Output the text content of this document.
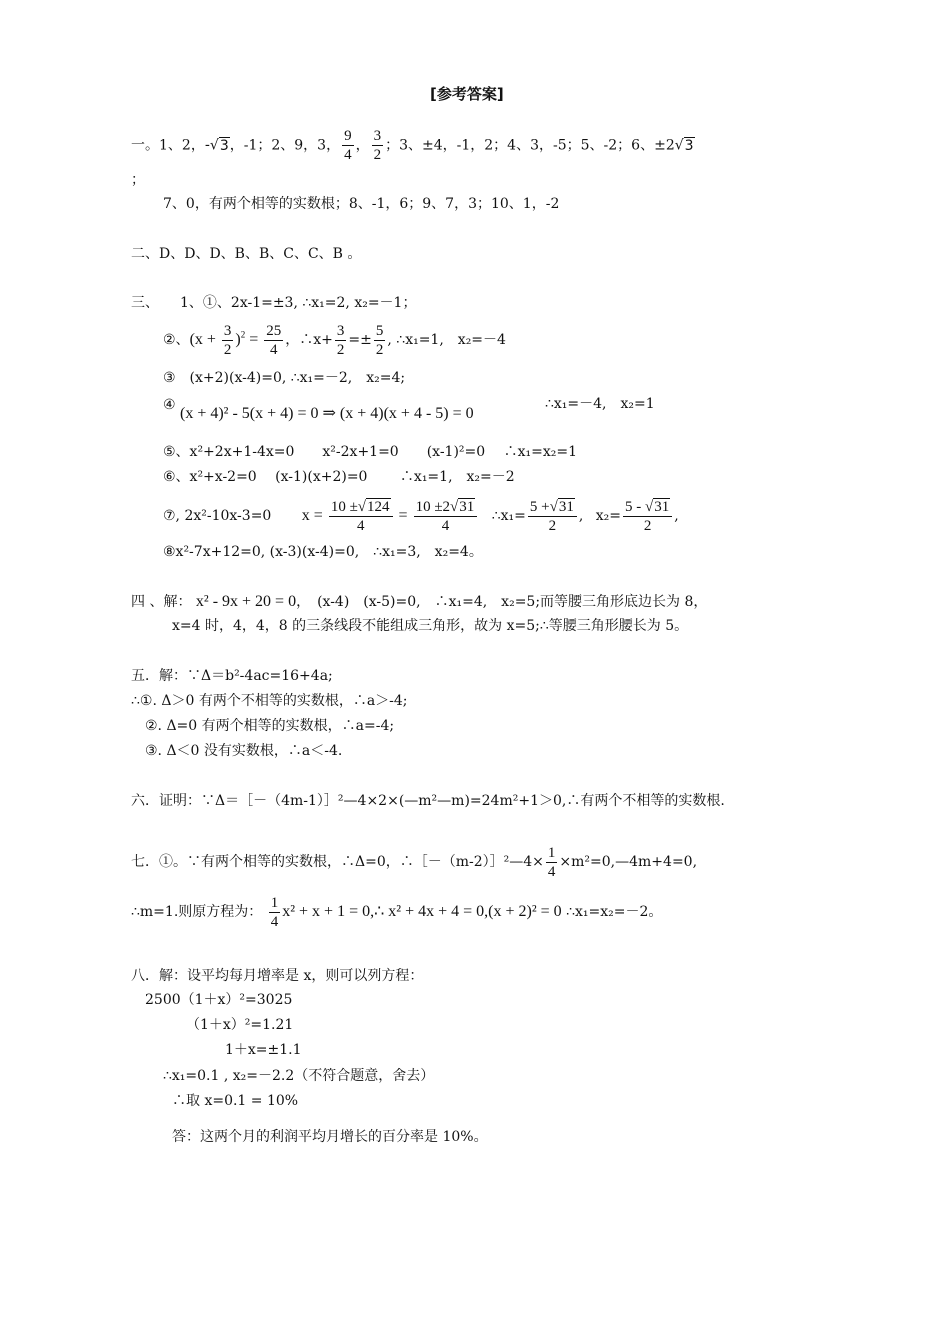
[参考答案]
一。1、2，-√3，-1；2、9，3， $\frac{9}{4}$ ， $\frac{3}{2}$ ；3、±4，-1，2；4、3，-5；5、-2；6、±2√3
；
7、0，有两个相等的实数根；8、-1，6；9、7，3；10、1，-2
二、D、D、D、B、B、C、C、B 。
三、　　1、①、2x-1=±3, ∴x₁=2, x₂=－1；
②、$(x + \frac{3}{2} )^2 = \frac{25}{4}$ ，∴x+ $\frac{3}{2} =\pm \frac{5}{2}$ , ∴x₁=1,　x₂=－4
③　(x+2)(x-4)=0, ∴x₁=－2,　x₂=4;
④ (x + 4)² - 5(x + 4) = 0 ⇒ (x + 4)(x + 4 - 5) = 0
∴x₁=－4,　x₂=1
⑤、x²+2x+1-4x=0　　x²-2x+1=0　　(x-1)²=0　 ∴x₁=x₂=1
⑥、x²+x-2=0　 (x-1)(x+2)=0　　 ∴x₁=1,　x₂=－2
⑦, 2x²-10x-3=0 $x = \frac{10 \pm√124}{4} = \frac{10 \pm 2√31}{4}$ ∴x₁= $\frac{5 +√31}{2}$ , $x_2= \frac{5 - √31}{2}$ ,
⑧x²-7x+12=0, (x-3)(x-4)=0,　∴x₁=3,　x₂=4。
四 、解： x² - 9x + 20 = 0，　(x-4)　(x-5)=0,　∴x₁=4,　x₂=5;而等腰三角形底边长为 8，
x=4 时，4，4，8 的三条线段不能组成三角形，故为 x=5;∴等腰三角形腰长为 5。
五．解：∵Δ＝b²-4ac=16+4a;
∴①. Δ＞0 有两个不相等的实数根，∴a＞-4;
②. Δ=0 有两个相等的实数根，∴a=-4;
③. Δ＜0 没有实数根，∴a＜-4.
六．证明：∵Δ＝［－（4m-1）］²—4×2×(—m²—m)=24m²+1＞0,∴有两个不相等的实数根.
七．①。∵有两个相等的实数根，∴Δ=0，∴［－（m-2）］²—4× $\frac{1}{4}$ ×m²=0,—4m+4=0,
∴m=1.则原方程为： $\frac{1}{4} x^2 + x + 1$ = 0,∴ x² + 4x + 4 = 0,(x + 2)² = 0 ∴x₁=x₂=－2。
八．解：设平均每月增率是 x，则可以列方程：
2500（1＋x）²=3025
（1＋x）²=1.21
1＋x=±1.1
∴x₁=0.1 , x₂=－2.2（不符合题意，舍去）
∴取 x=0.1 = 10%
答：这两个月的利润平均月增长的百分率是 10%。
